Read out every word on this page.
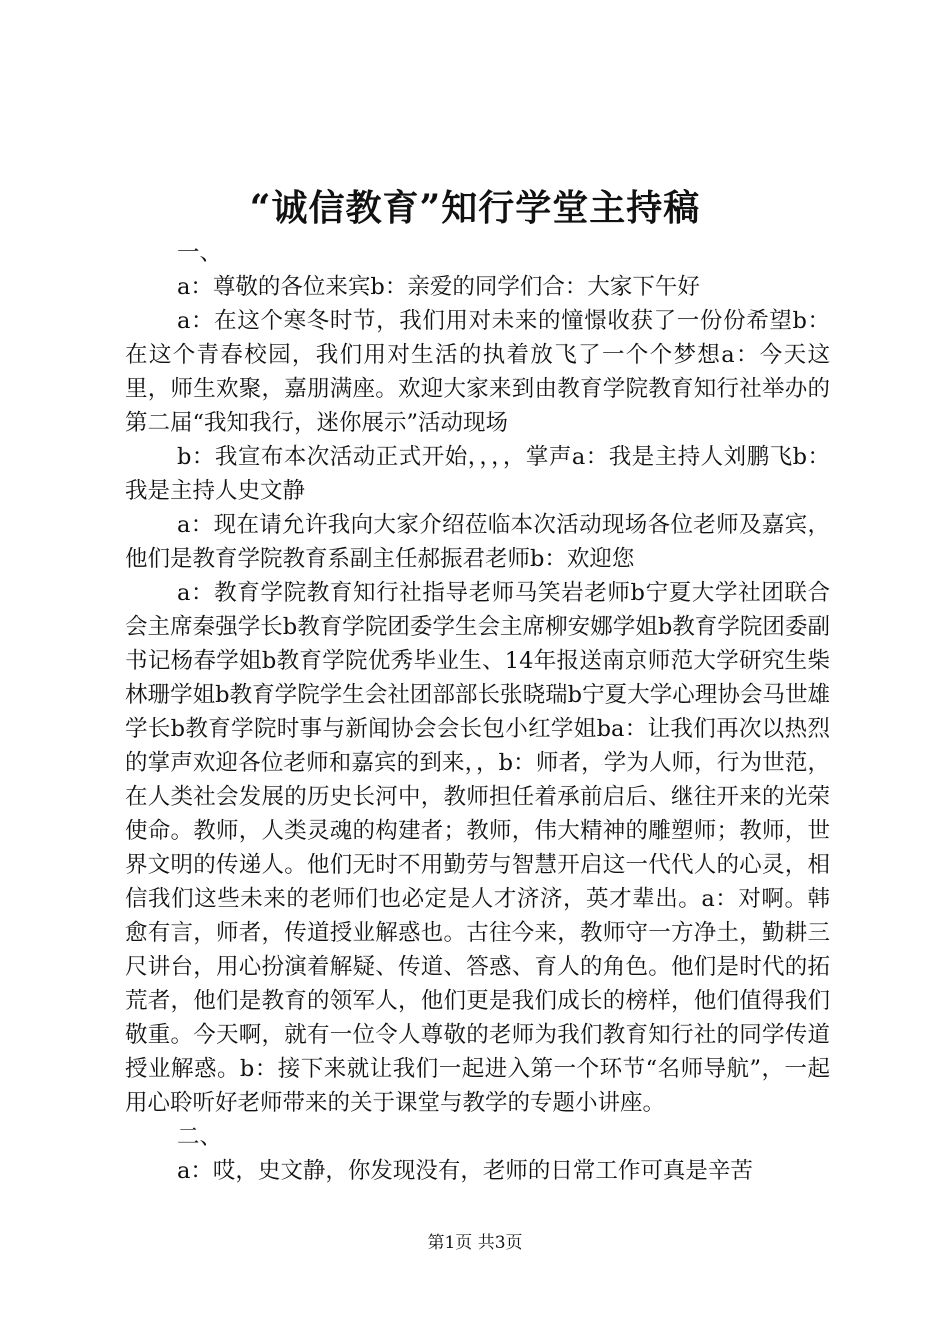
“诚信教育”知行学堂主持稿

一、

a：尊敬的各位来宾b：亲爱的同学们合：大家下午好

a：在这个寒冬时节，我们用对未来的憧憬收获了一份份希望b：在这个青春校园，我们用对生活的执着放飞了一个个梦想a：今天这里，师生欢聚，嘉朋满座。欢迎大家来到由教育学院教育知行社举办的第二届“我知我行，迷你展示”活动现场

b：我宣布本次活动正式开始，，，，掌声a：我是主持人刘鹏飞b：我是主持人史文静

a：现在请允许我向大家介绍莅临本次活动现场各位老师及嘉宾，他们是教育学院教育系副主任郝振君老师b：欢迎您

a：教育学院教育知行社指导老师马笑岩老师b宁夏大学社团联合会主席秦强学长b教育学院团委学生会主席柳安娜学姐b教育学院团委副书记杨春学姐b教育学院优秀毕业生、14年报送南京师范大学研究生柴林珊学姐b教育学院学生会社团部部长张晓瑞b宁夏大学心理协会马世雄学长b教育学院时事与新闻协会会长包小红学姐ba：让我们再次以热烈的掌声欢迎各位老师和嘉宾的到来，，b：师者，学为人师，行为世范，在人类社会发展的历史长河中，教师担任着承前启后、继往开来的光荣使命。教师，人类灵魂的构建者；教师，伟大精神的雕塑师；教师，世界文明的传递人。他们无时不用勤劳与智慧开启这一代代人的心灵，相信我们这些未来的老师们也必定是人才济济，英才辈出。a：对啊。韩愈有言，师者，传道授业解惑也。古往今来，教师守一方净土，勤耕三尺讲台，用心扮演着解疑、传道、答惑、育人的角色。他们是时代的拓荒者，他们是教育的领军人，他们更是我们成长的榜样，他们值得我们敬重。今天啊，就有一位令人尊敬的老师为我们教育知行社的同学传道授业解惑。b：接下来就让我们一起进入第一个环节“名师导航”，一起用心聆听好老师带来的关于课堂与教学的专题小讲座。

二、

a：哎，史文静，你发现没有，老师的日常工作可真是辛苦

第1页 共3页
